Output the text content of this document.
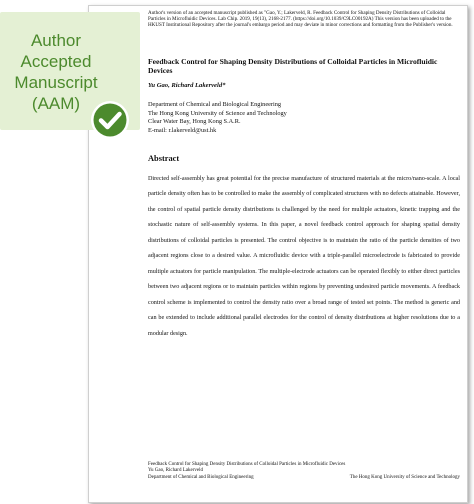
Author's version of an accepted manuscript published as "Gao, Y.; Lakerveld, R. Feedback Control for Shaping Density Distributions of Colloidal Particles in Microfluidic Devices. Lab Chip. 2019, 19(13), 2168-2177. (https://doi.org/10.1039/C9LC00192A) This version has been uploaded to the HKUST Institutional Repository after the journal's embargo period and may deviate in minor corrections and formatting from the Publisher's version.
Feedback Control for Shaping Density Distributions of Colloidal Particles in Microfluidic Devices
Yu Gao, Richard Lakerveld*
Department of Chemical and Biological Engineering
The Hong Kong University of Science and Technology
Clear Water Bay, Hong Kong S.A.R.
E-mail: r.lakerveld@ust.hk
Abstract
Directed self-assembly has great potential for the precise manufacture of structured materials at the micro/nano-scale. A local particle density often has to be controlled to make the assembly of complicated structures with no defects attainable. However, the control of spatial particle density distributions is challenged by the need for multiple actuators, kinetic trapping and the stochastic nature of self-assembly systems. In this paper, a novel feedback control approach for shaping spatial density distributions of colloidal particles is presented. The control objective is to maintain the ratio of the particle densities of two adjacent regions close to a desired value. A microfluidic device with a triple-parallel microelectrode is fabricated to provide multiple actuators for particle manipulation. The multiple-electrode actuators can be operated flexibly to either direct particles between two adjacent regions or to maintain particles within regions by preventing undesired particle movements. A feedback control scheme is implemented to control the density ratio over a broad range of tested set points. The method is generic and can be extended to include additional parallel electrodes for the control of density distributions at higher resolutions due to a modular design.
Feedback Control for Shaping Density Distributions of Colloidal Particles in Microfluidic Devices
Yu Gao, Richard Lakerveld
Department of Chemical and Biological Engineering	The Hong Kong University of Science and Technology
Author
Accepted
Manuscript
(AAM)
